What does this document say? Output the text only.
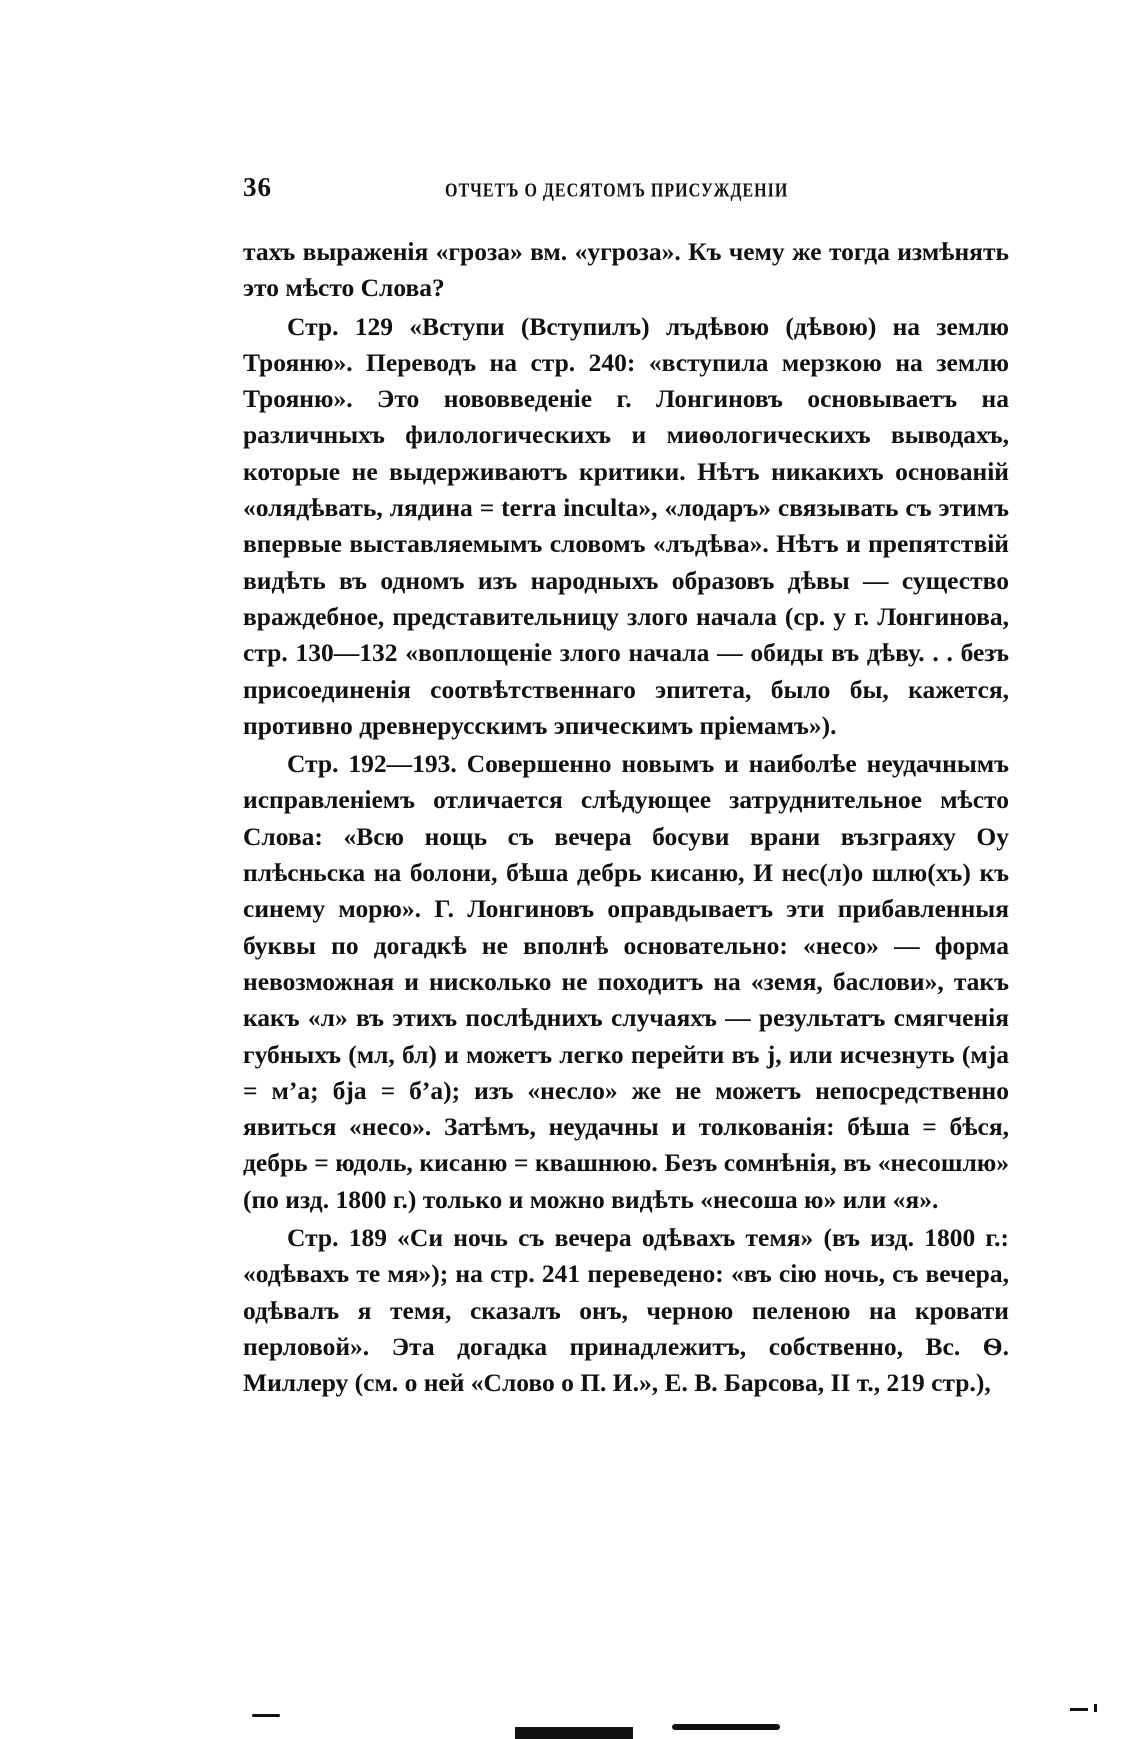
36	ОТЧЕТЪ О ДЕСЯТОМЪ ПРИСУЖДЕНІИ

тахъ выраженія «гроза» вм. «угроза». Къ чему же тогда измѣнять это мѣсто Слова?

Стр. 129 «Вступи (Вступилъ) лъдѣвою (дѣвою) на землю Трояню». Переводъ на стр. 240: «вступила мерзкою на землю Трояню». Это нововведеніе г. Лонгиновъ основываетъ на различныхъ филологическихъ и миѳологическихъ выводахъ, которые не выдерживаютъ критики. Нѣтъ никакихъ основаній «олядѣвать, лядина = terra inculta», «лодаръ» связывать съ этимъ впервые выставляемымъ словомъ «лъдѣва». Нѣтъ и препятствій видѣть въ одномъ изъ народныхъ образовъ дѣвы — существо враждебное, представительницу злого начала (ср. у г. Лонгинова, стр. 130—132 «воплощеніе злого начала — обиды въ дѣву. . . безъ присоединенія соотвѣтственнаго эпитета, было бы, кажется, противно древнерусскимъ эпическимъ пріемамъ»).

Стр. 192—193. Совершенно новымъ и наиболѣе неудачнымъ исправленіемъ отличается слѣдующее затруднительное мѣсто Слова: «Всю нощь съ вечера босуви врани възграяху Оу плѣсньска на болони, бѣша дебрь кисаню, И нес(л)о шлю(хъ) къ синему морю». Г. Лонгиновъ оправдываетъ эти прибавленныя буквы по догадкѣ не вполнѣ основательно: «несо» — форма невозможная и нисколько не походитъ на «земя, баслови», такъ какъ «л» въ этихъ послѣднихъ случаяхъ — результатъ смягченія губныхъ (мл, бл) и можетъ легко перейти въ j, или исчезнуть (мја = м’а; бја = б’а); изъ «несло» же не можетъ непосредственно явиться «несо». Затѣмъ, неудачны и толкованія: бѣша = бѣся, дебрь = юдоль, кисаню = квашнюю. Безъ сомнѣнія, въ «несошлю» (по изд. 1800 г.) только и можно видѣть «несоша ю» или «я».

Стр. 189 «Си ночь съ вечера одѣвахъ темя» (въ изд. 1800 г.: «одѣвахъ те мя»); на стр. 241 переведено: «въ сію ночь, съ вечера, одѣвалъ я темя, сказалъ онъ, черною пеленою на кровати перловой». Эта догадка принадлежитъ, собственно, Вс. Ѳ. Миллеру (см. о ней «Слово о П. И.», Е. В. Барсова, II т., 219 стр.),
